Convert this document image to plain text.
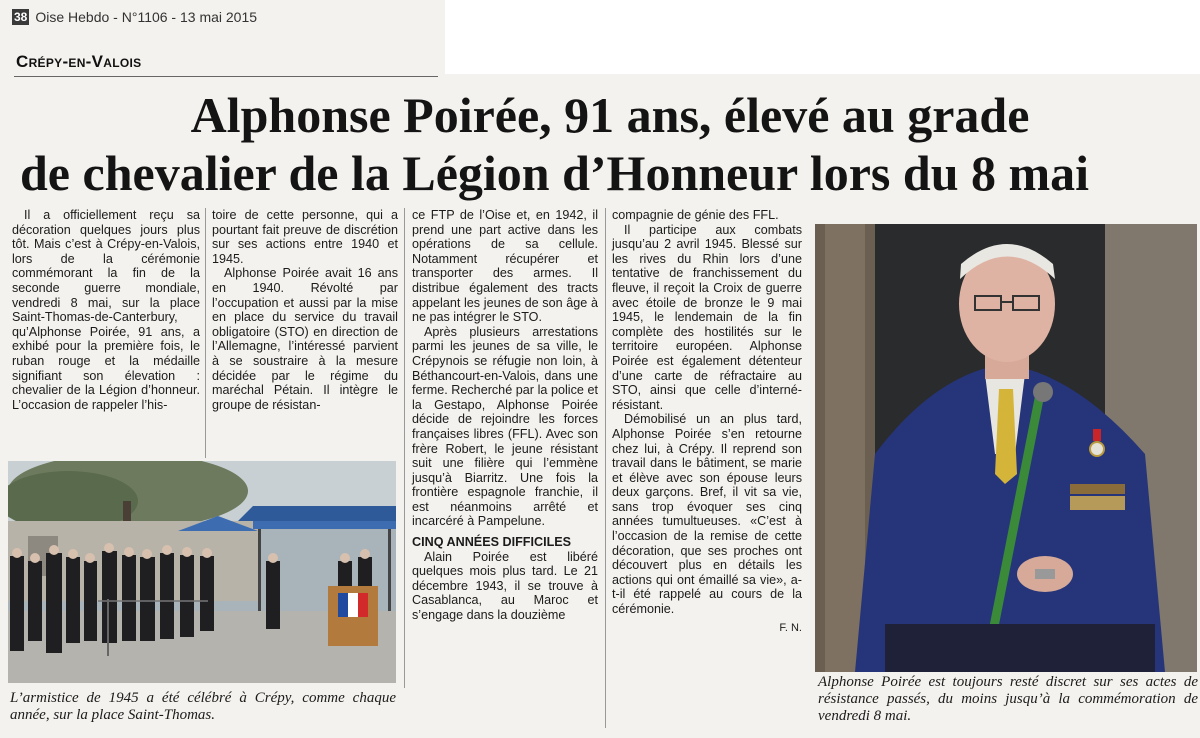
38 Oise Hebdo - N°1106 - 13 mai 2015
Crépy-en-Valois
Alphonse Poirée, 91 ans, élevé au grade
de chevalier de la Légion d’Honneur lors du 8 mai

Il a officiellement reçu sa décoration quelques jours plus tôt. Mais c’est à Crépy-en-Valois, lors de la cérémonie commémorant la fin de la seconde guerre mondiale, vendredi 8 mai, sur la place Saint-Thomas-de-Canterbury, qu’Alphonse Poirée, 91 ans, a exhibé pour la première fois, le ruban rouge et la médaille signifiant son élevation : chevalier de la Légion d’honneur. L’occasion de rappeler l’his-

toire de cette personne, qui a pourtant fait preuve de discrétion sur ses actions entre 1940 et 1945.

Alphonse Poirée avait 16 ans en 1940. Révolté par l’occupation et aussi par la mise en place du service du travail obligatoire (STO) en direction de l’Allemagne, l’intéressé parvient à se soustraire à la mesure décidée par le régime du maréchal Pétain. Il intègre le groupe de résistan-

ce FTP de l’Oise et, en 1942, il prend une part active dans les opérations de sa cellule. Notamment récupérer et transporter des armes. Il distribue également des tracts appelant les jeunes de son âge à ne pas intégrer le STO.

Après plusieurs arrestations parmi les jeunes de sa ville, le Crépynois se réfugie non loin, à Béthancourt-en-Valois, dans une ferme. Recherché par la police et la Gestapo, Alphonse Poirée décide de rejoindre les forces françaises libres (FFL). Avec son frère Robert, le jeune résistant suit une filière qui l’emmène jusqu’à Biarritz. Une fois la frontière espagnole franchie, il est néanmoins arrêté et incarcéré à Pampelune.

CINQ ANNÉES DIFFICILES

Alain Poirée est libéré quelques mois plus tard. Le 21 décembre 1943, il se trouve à Casablanca, au Maroc et s’engage dans la douzième

compagnie de génie des FFL.

Il participe aux combats jusqu’au 2 avril 1945. Blessé sur les rives du Rhin lors d’une tentative de franchissement du fleuve, il reçoit la Croix de guerre avec étoile de bronze le 9 mai 1945, le lendemain de la fin complète des hostilités sur le territoire européen. Alphonse Poirée est également détenteur d’une carte de réfractaire au STO, ainsi que celle d’interné-résistant.

Démobilisé un an plus tard, Alphonse Poirée s’en retourne chez lui, à Crépy. Il reprend son travail dans le bâtiment, se marie et élève avec son épouse leurs deux garçons. Bref, il vit sa vie, sans trop évoquer ses cinq années tumultueuses. «C’est à l’occasion de la remise de cette décoration, que ses proches ont découvert plus en détails les actions qui ont émaillé sa vie», a-t-il été rappelé au cours de la cérémonie.

F. N.

L’armistice de 1945 a été célébré à Crépy, comme chaque année, sur la place Saint-Thomas.
Alphonse Poirée est toujours resté discret sur ses actes de résistance passés, du moins jusqu’à la commémoration de vendredi 8 mai.
